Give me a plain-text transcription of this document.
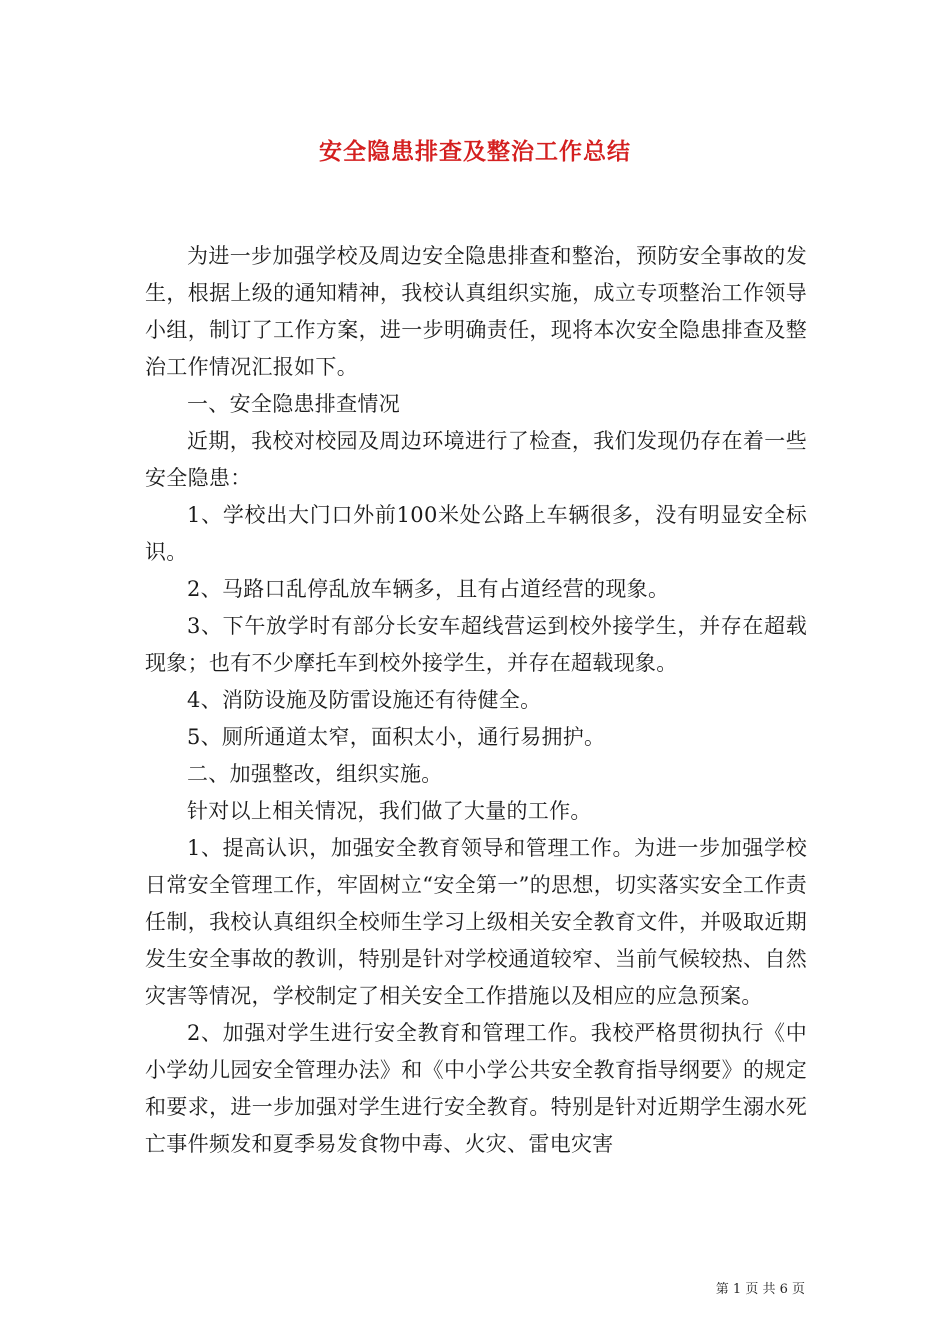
安全隐患排查及整治工作总结

为进一步加强学校及周边安全隐患排查和整治，预防安全事故的发生，根据上级的通知精神，我校认真组织实施，成立专项整治工作领导小组，制订了工作方案，进一步明确责任，现将本次安全隐患排查及整治工作情况汇报如下。

一、安全隐患排查情况

近期，我校对校园及周边环境进行了检查，我们发现仍存在着一些安全隐患：

1、学校出大门口外前100米处公路上车辆很多，没有明显安全标识。

2、马路口乱停乱放车辆多，且有占道经营的现象。

3、下午放学时有部分长安车超线营运到校外接学生，并存在超载现象；也有不少摩托车到校外接学生，并存在超载现象。

4、消防设施及防雷设施还有待健全。

5、厕所通道太窄，面积太小，通行易拥护。

二、加强整改，组织实施。

针对以上相关情况，我们做了大量的工作。

1、提高认识，加强安全教育领导和管理工作。为进一步加强学校日常安全管理工作，牢固树立“安全第一”的思想，切实落实安全工作责任制，我校认真组织全校师生学习上级相关安全教育文件，并吸取近期发生安全事故的教训，特别是针对学校通道较窄、当前气候较热、自然灾害等情况，学校制定了相关安全工作措施以及相应的应急预案。

2、加强对学生进行安全教育和管理工作。我校严格贯彻执行《中小学幼儿园安全管理办法》和《中小学公共安全教育指导纲要》的规定和要求，进一步加强对学生进行安全教育。特别是针对近期学生溺水死亡事件频发和夏季易发食物中毒、火灾、雷电灾害

第 1 页 共 6 页
